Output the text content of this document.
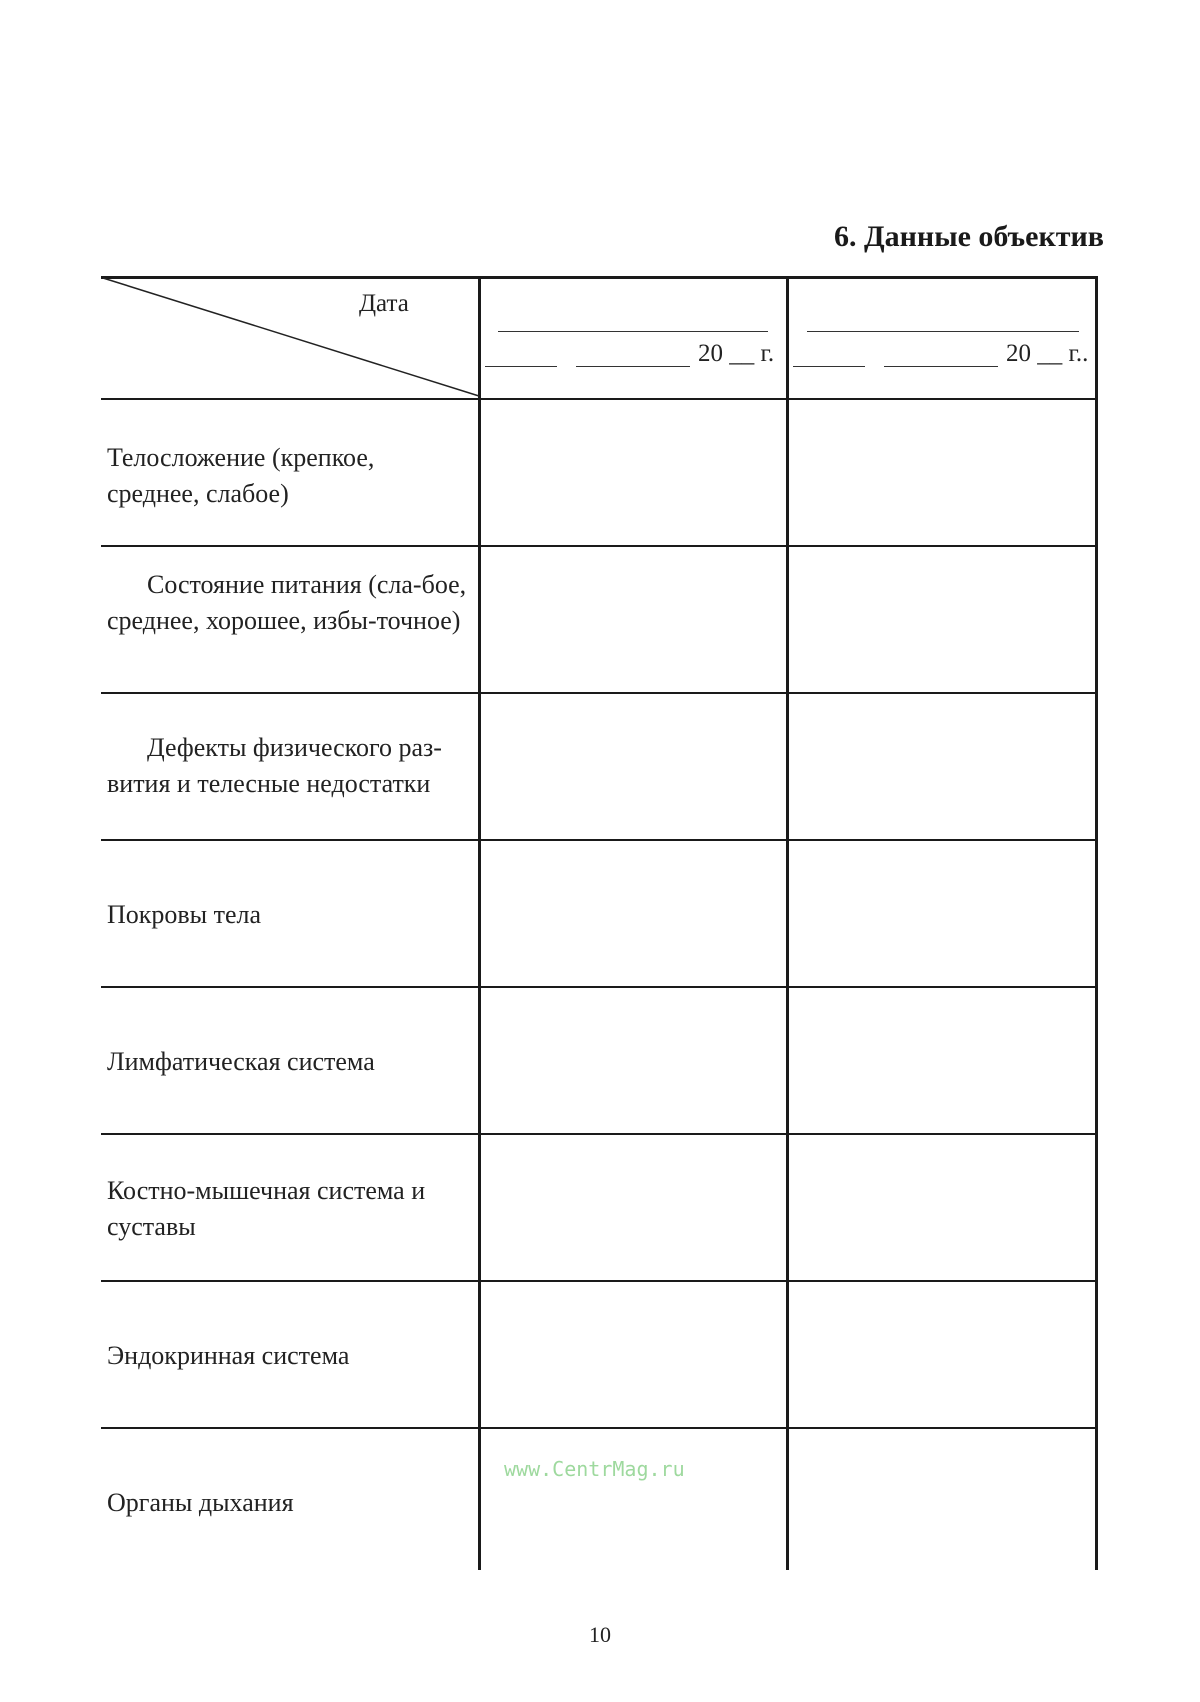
6. Данные объектив
Дата
20 __ г.	20 __ г..
Телосложение (крепкое, среднее, слабое)
Состояние питания (сла-бое, среднее, хорошее, избы-точное)
Дефекты физического раз-вития и телесные недостатки
Покровы тела
Лимфатическая система
Костно-мышечная система и суставы
Эндокринная система
Органы дыхания
www.CentrMag.ru
10
